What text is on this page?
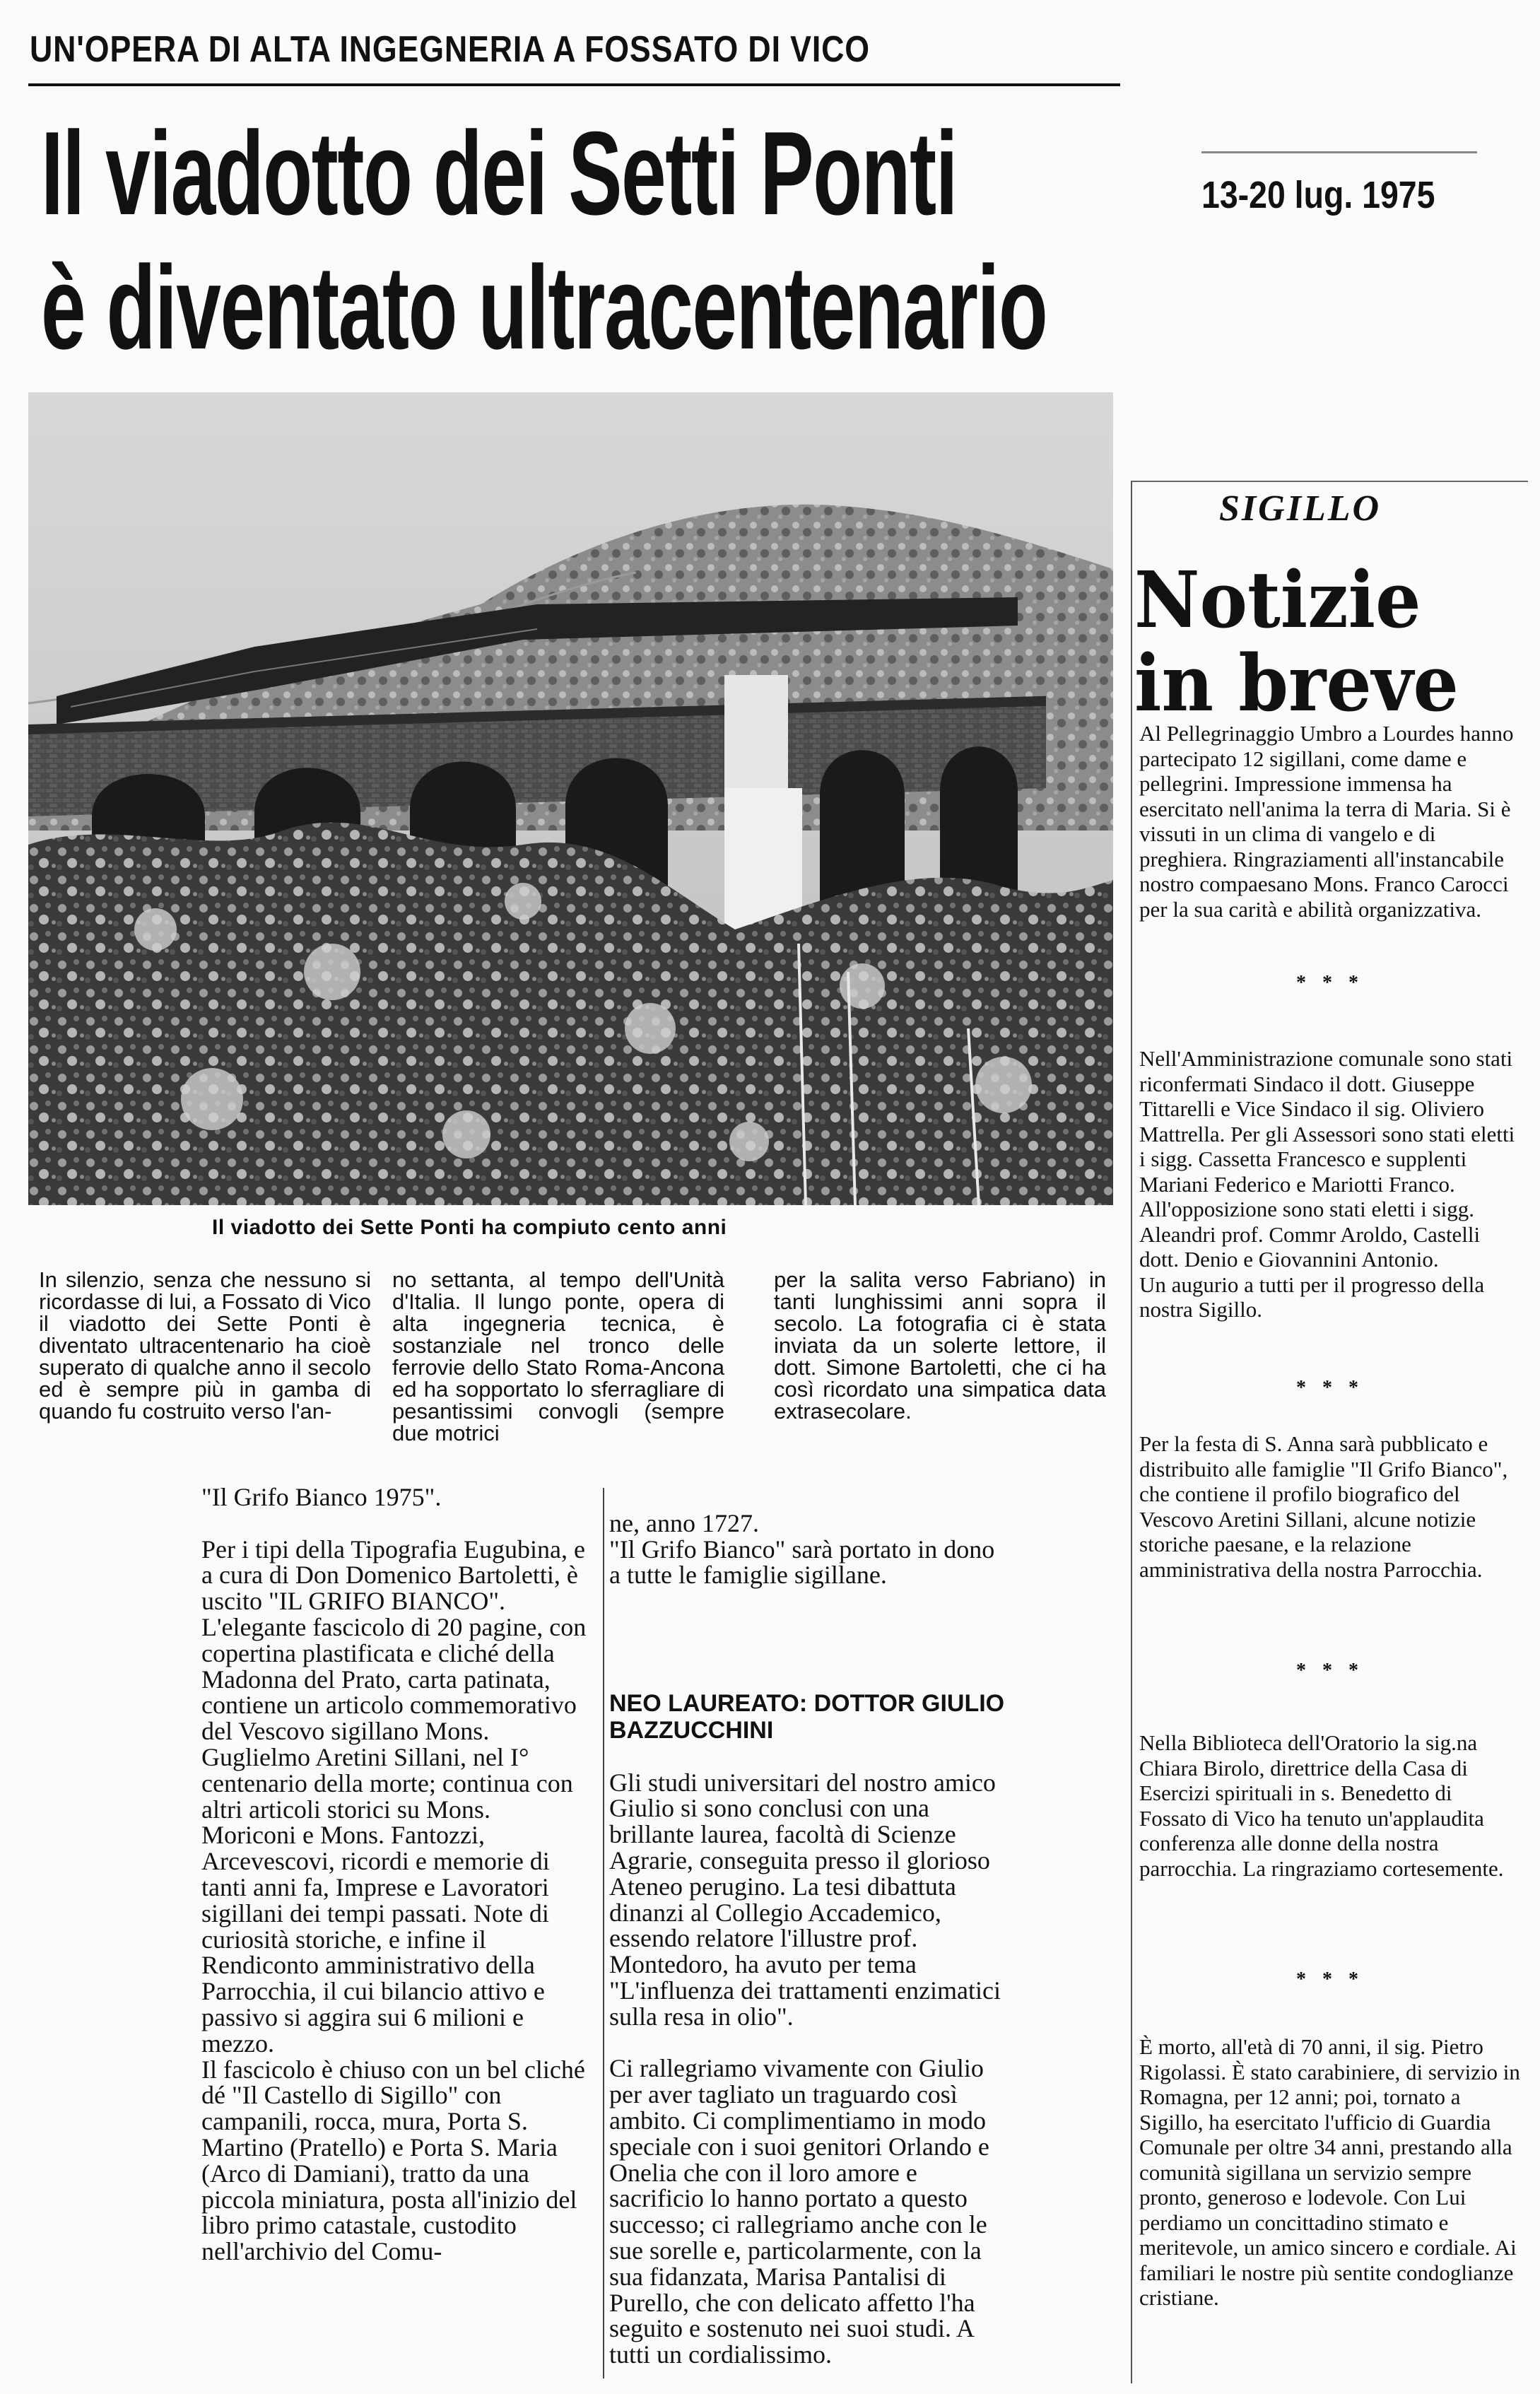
UN'OPERA DI ALTA INGEGNERIA A FOSSATO DI VICO
Il viadotto dei Setti Ponti
è diventato ultracentenario
13-20 lug. 1975
Il viadotto dei Sette Ponti ha compiuto cento anni
In silenzio, senza che nessuno si ricordasse di lui, a Fossato di Vico il viadotto dei Sette Ponti è diventato ultracentenario ha cioè superato di qualche anno il secolo ed è sempre più in gamba di quando fu costruito verso l'an-
no settanta, al tempo dell'Unità d'Italia. Il lungo ponte, opera di alta ingegneria tecnica, è sostanziale nel tronco delle ferrovie dello Stato Roma-Ancona ed ha sopportato lo sferragliare di pesantissimi convogli (sempre due motrici
per la salita verso Fabriano) in tanti lunghissimi anni sopra il secolo. La fotografia ci è stata inviata da un solerte lettore, il dott. Simone Bartoletti, che ci ha così ricordato una simpatica data extrasecolare.
"Il Grifo Bianco 1975".

Per i tipi della Tipografia Eugubina, e a cura di Don Domenico Bartoletti, è uscito "IL GRIFO BIANCO".
L'elegante fascicolo di 20 pagine, con copertina plastificata e cliché della Madonna del Prato, carta patinata, contiene un articolo commemorativo del Vescovo sigillano Mons. Guglielmo Aretini Sillani, nel I° centenario della morte; continua con altri articoli storici su Mons. Moriconi e Mons. Fantozzi, Arcevescovi, ricordi e memorie di tanti anni fa, Imprese e Lavoratori sigillani dei tempi passati. Note di curiosità storiche, e infine il Rendiconto amministrativo della Parrocchia, il cui bilancio attivo e passivo si aggira sui 6 milioni e mezzo.
Il fascicolo è chiuso con un bel cliché dé "Il Castello di Sigillo" con campanili, rocca, mura, Porta S. Martino (Pratello) e Porta S. Maria (Arco di Damiani), tratto da una piccola miniatura, posta all'inizio del libro primo catastale, custodito nell'archivio del Comu-

ne, anno 1727.
"Il Grifo Bianco" sarà portato in dono a tutte le famiglie sigillane.

NEO LAUREATO: DOTTOR GIULIO BAZZUCCHINI

Gli studi universitari del nostro amico Giulio si sono conclusi con una brillante laurea, facoltà di Scienze Agrarie, conseguita presso il glorioso Ateneo perugino. La tesi dibattuta dinanzi al Collegio Accademico, essendo relatore l'illustre prof. Montedoro, ha avuto per tema "L'influenza dei trattamenti enzimatici sulla resa in olio".

Ci rallegriamo vivamente con Giulio per aver tagliato un traguardo così ambito. Ci complimentiamo in modo speciale con i suoi genitori Orlando e Onelia che con il loro amore e sacrificio lo hanno portato a questo successo; ci rallegriamo anche con le sue sorelle e, particolarmente, con la sua fidanzata, Marisa Pantalisi di Purello, che con delicato affetto l'ha seguito e sostenuto nei suoi studi. A tutti un cordialissimo.

SIGILLO
Notizie
in breve
Al Pellegrinaggio Umbro a Lourdes hanno partecipato 12 sigillani, come dame e pellegrini. Impressione immensa ha esercitato nell'anima la terra di Maria. Si è vissuti in un clima di vangelo e di preghiera. Ringraziamenti all'instancabile nostro compaesano Mons. Franco Carocci per la sua carità e abilità organizzativa.
* * *
Nell'Amministrazione comunale sono stati riconfermati Sindaco il dott. Giuseppe Tittarelli e Vice Sindaco il sig. Oliviero Mattrella. Per gli Assessori sono stati eletti i sigg. Cassetta Francesco e supplenti Mariani Federico e Mariotti Franco. All'opposizione sono stati eletti i sigg. Aleandri prof. Commr Aroldo, Castelli dott. Denio e Giovannini Antonio.
Un augurio a tutti per il progresso della nostra Sigillo.
* * *
Per la festa di S. Anna sarà pubblicato e distribuito alle famiglie "Il Grifo Bianco", che contiene il profilo biografico del Vescovo Aretini Sillani, alcune notizie storiche paesane, e la relazione amministrativa della nostra Parrocchia.
* * *
Nella Biblioteca dell'Oratorio la sig.na Chiara Birolo, direttrice della Casa di Esercizi spirituali in s. Benedetto di Fossato di Vico ha tenuto un'applaudita conferenza alle donne della nostra parrocchia. La ringraziamo cortesemente.
* * *
È morto, all'età di 70 anni, il sig. Pietro Rigolassi. È stato carabiniere, di servizio in Romagna, per 12 anni; poi, tornato a Sigillo, ha esercitato l'ufficio di Guardia Comunale per oltre 34 anni, prestando alla comunità sigillana un servizio sempre pronto, generoso e lodevole. Con Lui perdiamo un concittadino stimato e meritevole, un amico sincero e cordiale. Ai familiari le nostre più sentite condoglianze cristiane.
